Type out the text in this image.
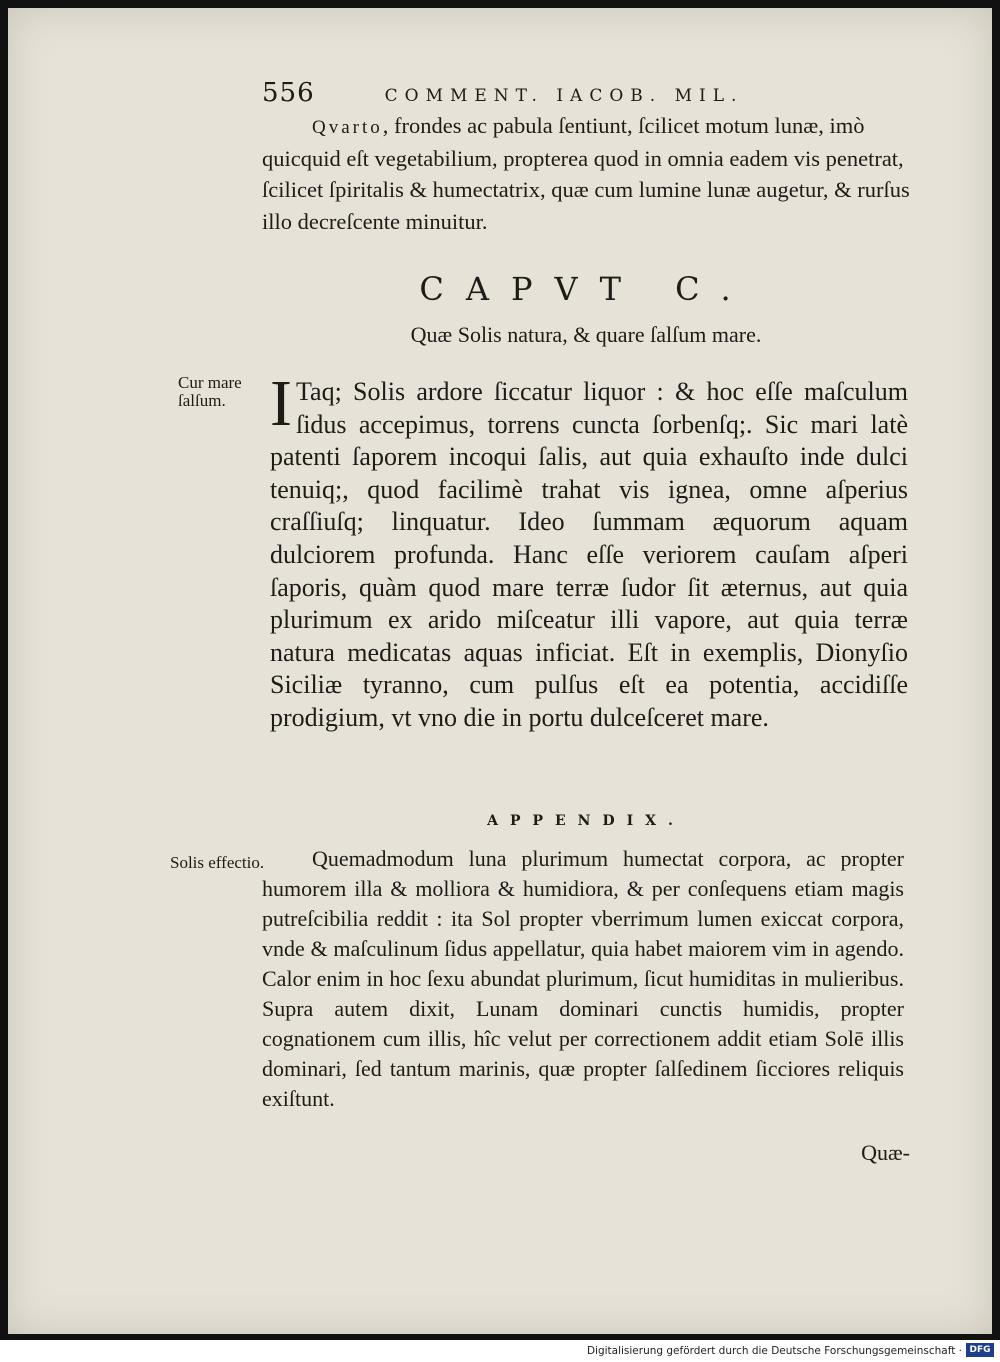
556	COMMENT. IACOB. MIL.

Qvarto, frondes ac pabula ſentiunt, ſcilicet motum lunæ, imò quicquid eſt vegetabilium, propterea quod in omnia eadem vis penetrat, ſcilicet ſpiritalis & humectatrix, quæ cum lumine lunæ augetur, & rurſus illo decreſcente minuitur.

CAPVT C.
Quæ Solis natura, & quare ſalſum mare.
Cur mare ſalſum. I Taq; Solis ardore ſiccatur liquor : & hoc eſſe maſculum ſidus accepimus, torrens cuncta ſorbenſq;. Sic mari latè patenti ſaporem incoqui ſalis, aut quia exhauſto inde dulci tenuiq;, quod facilimè trahat vis ignea, omne aſperius craſſiuſq; linquatur. Ideo ſummam æquorum aquam dulciorem profunda. Hanc eſſe veriorem cauſam aſperi ſaporis, quàm quod mare terræ ſudor ſit æternus, aut quia plurimum ex arido miſceatur illi vapore, aut quia terræ natura medicatas aquas inficiat. Eſt in exemplis, Dionyſio Siciliæ tyranno, cum pulſus eſt ea potentia, accidiſſe prodigium, vt vno die in portu dulceſceret mare.

APPENDIX.
Solis effectio.	Quemadmodum luna plurimum humectat corpora, ac propter humorem illa & molliora & humidiora, & per conſequens etiam magis putreſcibilia reddit : ita Sol propter vberrimum lumen exiccat corpora, vnde & maſculinum ſidus appellatur, quia habet maiorem vim in agendo. Calor enim in hoc ſexu abundat plurimum, ſicut humiditas in mulieribus. Supra autem dixit, Lunam dominari cunctis humidis, propter cognationem cum illis, hîc velut per correctionem addit etiam Solē illis dominari, ſed tantum marinis, quæ propter ſalſedinem ſicciores reliquis exiſtunt.

Quæ-
Digitalisierung gefördert durch die Deutsche Forschungsgemeinschaft · DFG
